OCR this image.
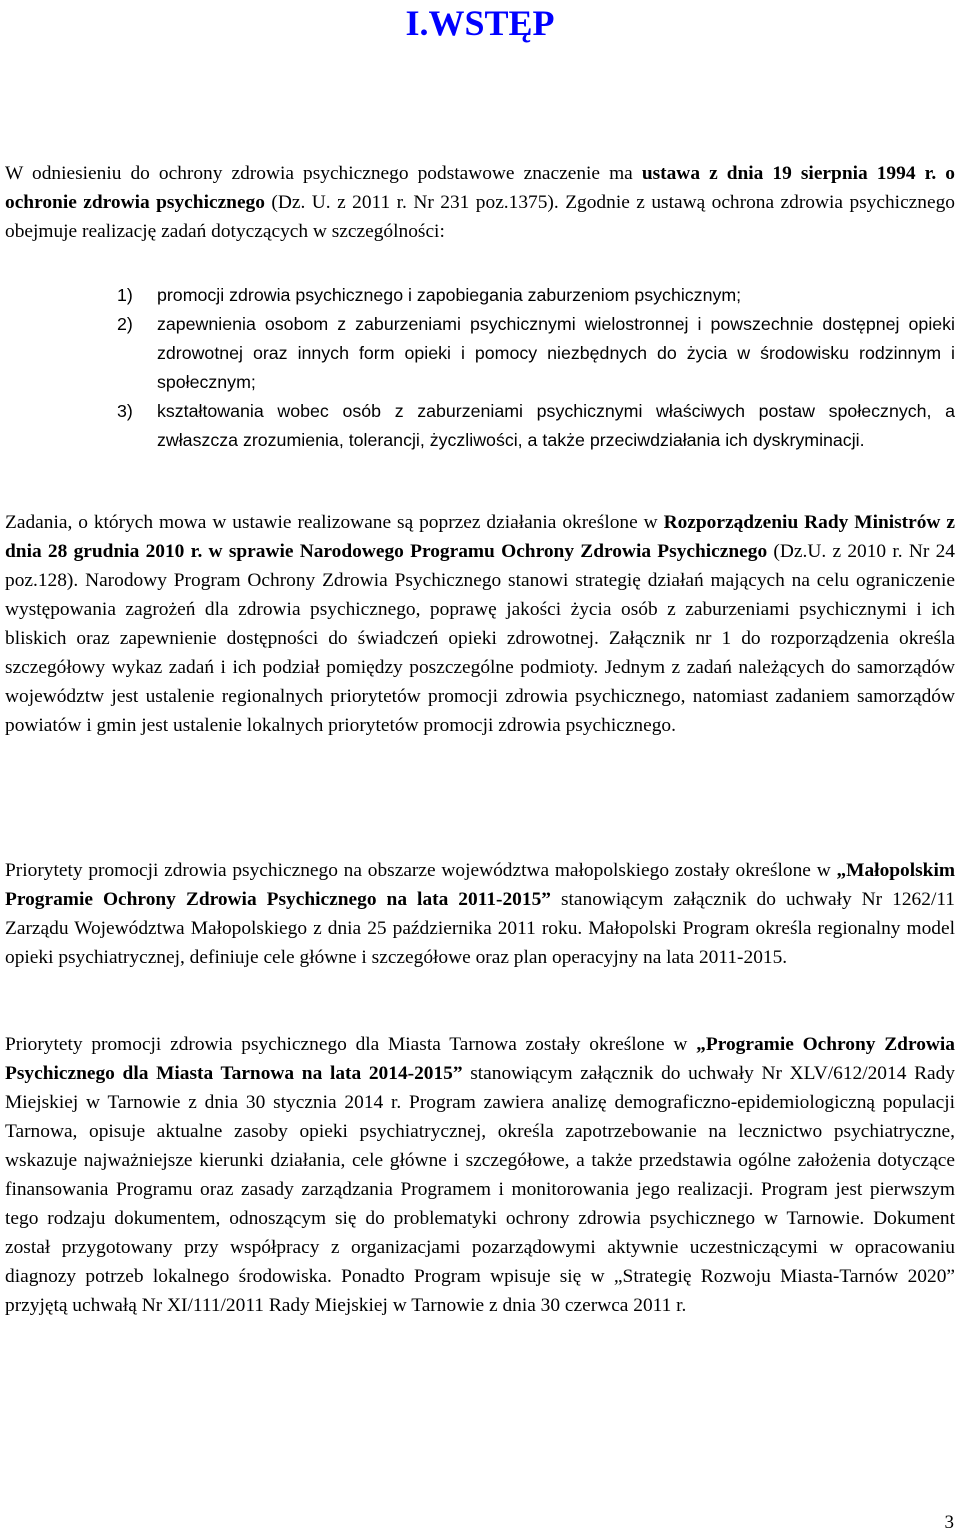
I.WSTĘP

W odniesieniu do ochrony zdrowia psychicznego podstawowe znaczenie ma ustawa z dnia 19 sierpnia 1994 r. o ochronie zdrowia psychicznego (Dz. U. z 2011 r. Nr 231 poz.1375). Zgodnie z ustawą ochrona zdrowia psychicznego obejmuje realizację zadań dotyczących w szczególności:

1) promocji zdrowia psychicznego i zapobiegania zaburzeniom psychicznym;
2) zapewnienia osobom z zaburzeniami psychicznymi wielostronnej i powszechnie dostępnej opieki zdrowotnej oraz innych form opieki i pomocy niezbędnych do życia w środowisku rodzinnym i społecznym;
3) kształtowania wobec osób z zaburzeniami psychicznymi właściwych postaw społecznych, a zwłaszcza zrozumienia, tolerancji, życzliwości, a także przeciwdziałania ich dyskryminacji.

Zadania, o których mowa w ustawie realizowane są poprzez działania określone w Rozporządzeniu Rady Ministrów z dnia 28 grudnia 2010 r. w sprawie Narodowego Programu Ochrony Zdrowia Psychicznego (Dz.U. z 2010 r. Nr 24 poz.128). Narodowy Program Ochrony Zdrowia Psychicznego stanowi strategię działań mających na celu ograniczenie występowania zagrożeń dla zdrowia psychicznego, poprawę jakości życia osób z zaburzeniami psychicznymi i ich bliskich oraz zapewnienie dostępności do świadczeń opieki zdrowotnej. Załącznik nr 1 do rozporządzenia określa szczegółowy wykaz zadań i ich podział pomiędzy poszczególne podmioty. Jednym z zadań należących do samorządów województw jest ustalenie regionalnych priorytetów promocji zdrowia psychicznego, natomiast zadaniem samorządów powiatów i gmin jest ustalenie lokalnych priorytetów promocji zdrowia psychicznego.

Priorytety promocji zdrowia psychicznego na obszarze województwa małopolskiego zostały określone w „Małopolskim Programie Ochrony Zdrowia Psychicznego na lata 2011-2015” stanowiącym załącznik do uchwały Nr 1262/11 Zarządu Województwa Małopolskiego z dnia 25 października 2011 roku. Małopolski Program określa regionalny model opieki psychiatrycznej, definiuje cele główne i szczegółowe oraz plan operacyjny na lata 2011-2015.

Priorytety promocji zdrowia psychicznego dla Miasta Tarnowa zostały określone w „Programie Ochrony Zdrowia Psychicznego dla Miasta Tarnowa na lata 2014-2015” stanowiącym załącznik do uchwały Nr XLV/612/2014 Rady Miejskiej w Tarnowie z dnia 30 stycznia 2014 r. Program zawiera analizę demograficzno-epidemiologiczną populacji Tarnowa, opisuje aktualne zasoby opieki psychiatrycznej, określa zapotrzebowanie na lecznictwo psychiatryczne, wskazuje najważniejsze kierunki działania, cele główne i szczegółowe, a także przedstawia ogólne założenia dotyczące finansowania Programu oraz zasady zarządzania Programem i monitorowania jego realizacji. Program jest pierwszym tego rodzaju dokumentem, odnoszącym się do problematyki ochrony zdrowia psychicznego w Tarnowie. Dokument został przygotowany przy współpracy z organizacjami pozarządowymi aktywnie uczestniczącymi w opracowaniu diagnozy potrzeb lokalnego środowiska. Ponadto Program wpisuje się w „Strategię Rozwoju Miasta-Tarnów 2020” przyjętą uchwałą Nr XI/111/2011 Rady Miejskiej w Tarnowie z dnia 30 czerwca 2011 r.

3
